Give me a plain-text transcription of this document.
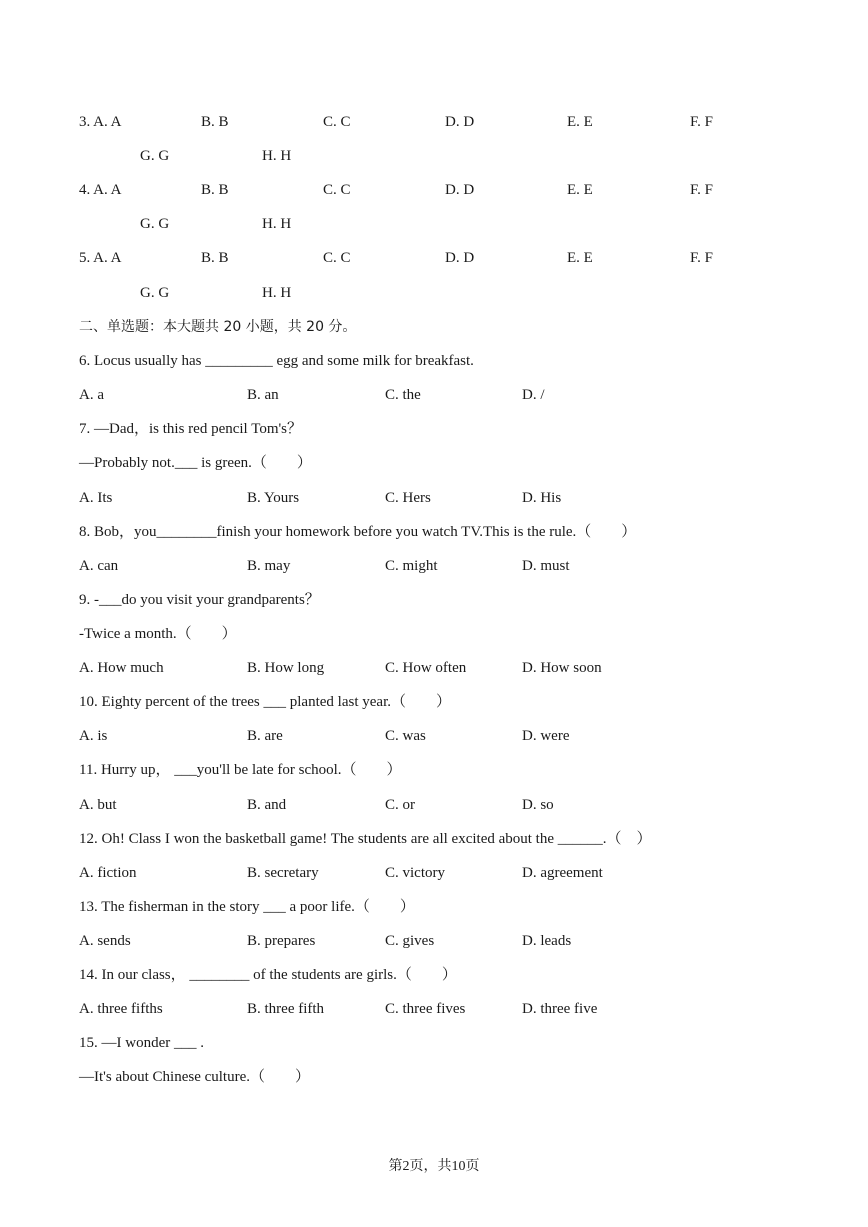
3. A. A	B. B	C. C	D. D	E. E	F. F
G. G	H. H
4. A. A	B. B	C. C	D. D	E. E	F. F
G. G	H. H
5. A. A	B. B	C. C	D. D	E. E	F. F
G. G	H. H
二、单选题：本大题共 20 小题，共 20 分。
6. Locus usually has _________ egg and some milk for breakfast.
A. a	B. an	C. the	D. /
7. —Dad，is this red pencil Tom's？
—Probably not.___ is green.（　　）
A. Its	B. Yours	C. Hers	D. His
8. Bob，you________finish your homework before you watch TV.This is the rule.（　　）
A. can	B. may	C. might	D. must
9. -___do you visit your grandparents？
-Twice a month.（　　）
A. How much	B. How long	C. How often	D. How soon
10. Eighty percent of the trees ___ planted last year.（　　）
A. is	B. are	C. was	D. were
11. Hurry up， ___you'll be late for school.（　　）
A. but	B. and	C. or	D. so
12. Oh! Class I won the basketball game! The students are all excited about the ______.（　）
A. fiction	B. secretary	C. victory	D. agreement
13. The fisherman in the story ___ a poor life.（　　）
A. sends	B. prepares	C. gives	D. leads
14. In our class， ________ of the students are girls.（　　）
A. three fifths	B. three fifth	C. three fives	D. three five
15. —I wonder ___ .
—It's about Chinese culture.（　　）
第2页，共10页
